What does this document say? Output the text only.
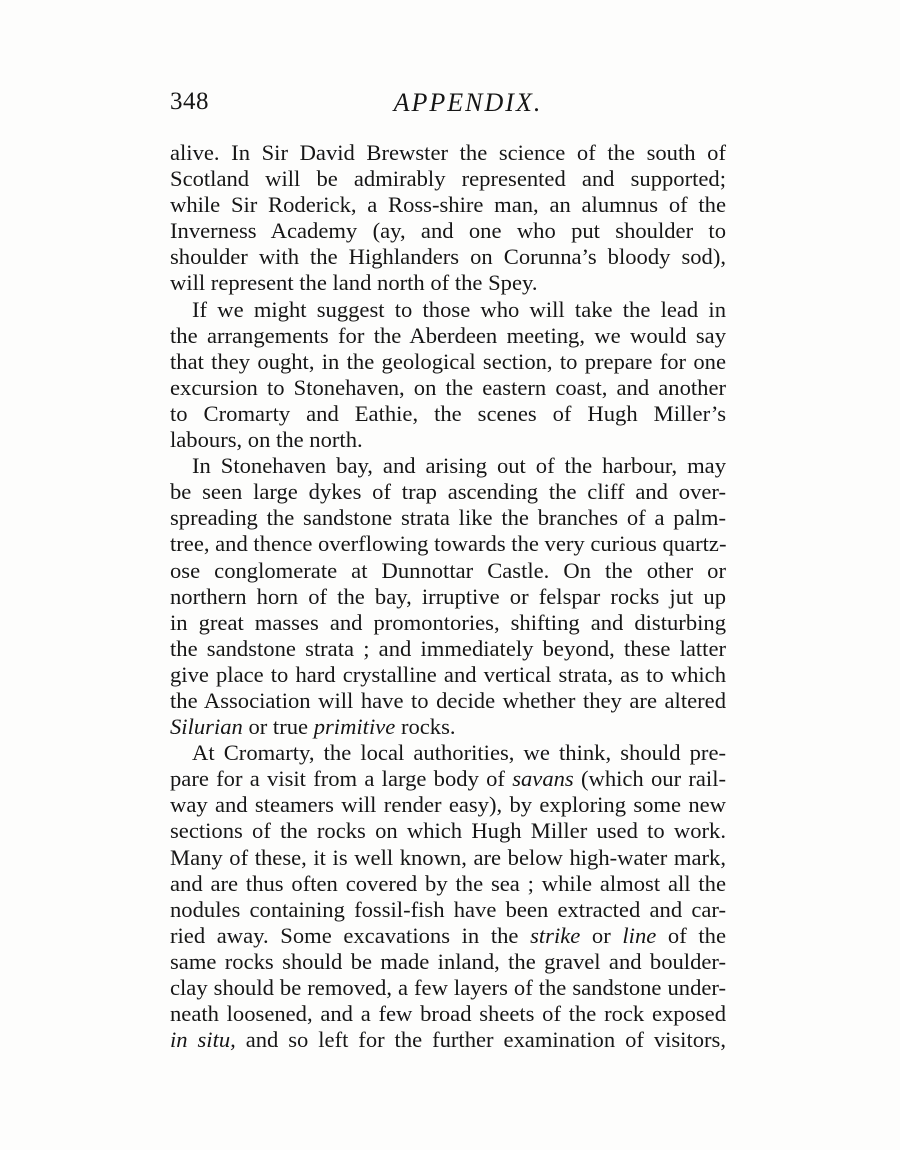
348	APPENDIX.

alive. In Sir David Brewster the science of the south of
Scotland will be admirably represented and supported;
while Sir Roderick, a Ross-shire man, an alumnus of the
Inverness Academy (ay, and one who put shoulder to
shoulder with the Highlanders on Corunna’s bloody sod),
will represent the land north of the Spey.

If we might suggest to those who will take the lead in
the arrangements for the Aberdeen meeting, we would say
that they ought, in the geological section, to prepare for one
excursion to Stonehaven, on the eastern coast, and another
to Cromarty and Eathie, the scenes of Hugh Miller’s
labours, on the north.

In Stonehaven bay, and arising out of the harbour, may
be seen large dykes of trap ascending the cliff and over-
spreading the sandstone strata like the branches of a palm-
tree, and thence overflowing towards the very curious quartz-
ose conglomerate at Dunnottar Castle. On the other or
northern horn of the bay, irruptive or felspar rocks jut up
in great masses and promontories, shifting and disturbing
the sandstone strata ; and immediately beyond, these latter
give place to hard crystalline and vertical strata, as to which
the Association will have to decide whether they are altered
Silurian or true primitive rocks.

At Cromarty, the local authorities, we think, should pre-
pare for a visit from a large body of savans (which our rail-
way and steamers will render easy), by exploring some new
sections of the rocks on which Hugh Miller used to work.
Many of these, it is well known, are below high-water mark,
and are thus often covered by the sea ; while almost all the
nodules containing fossil-fish have been extracted and car-
ried away. Some excavations in the strike or line of the
same rocks should be made inland, the gravel and boulder-
clay should be removed, a few layers of the sandstone under-
neath loosened, and a few broad sheets of the rock exposed
in situ, and so left for the further examination of visitors,
